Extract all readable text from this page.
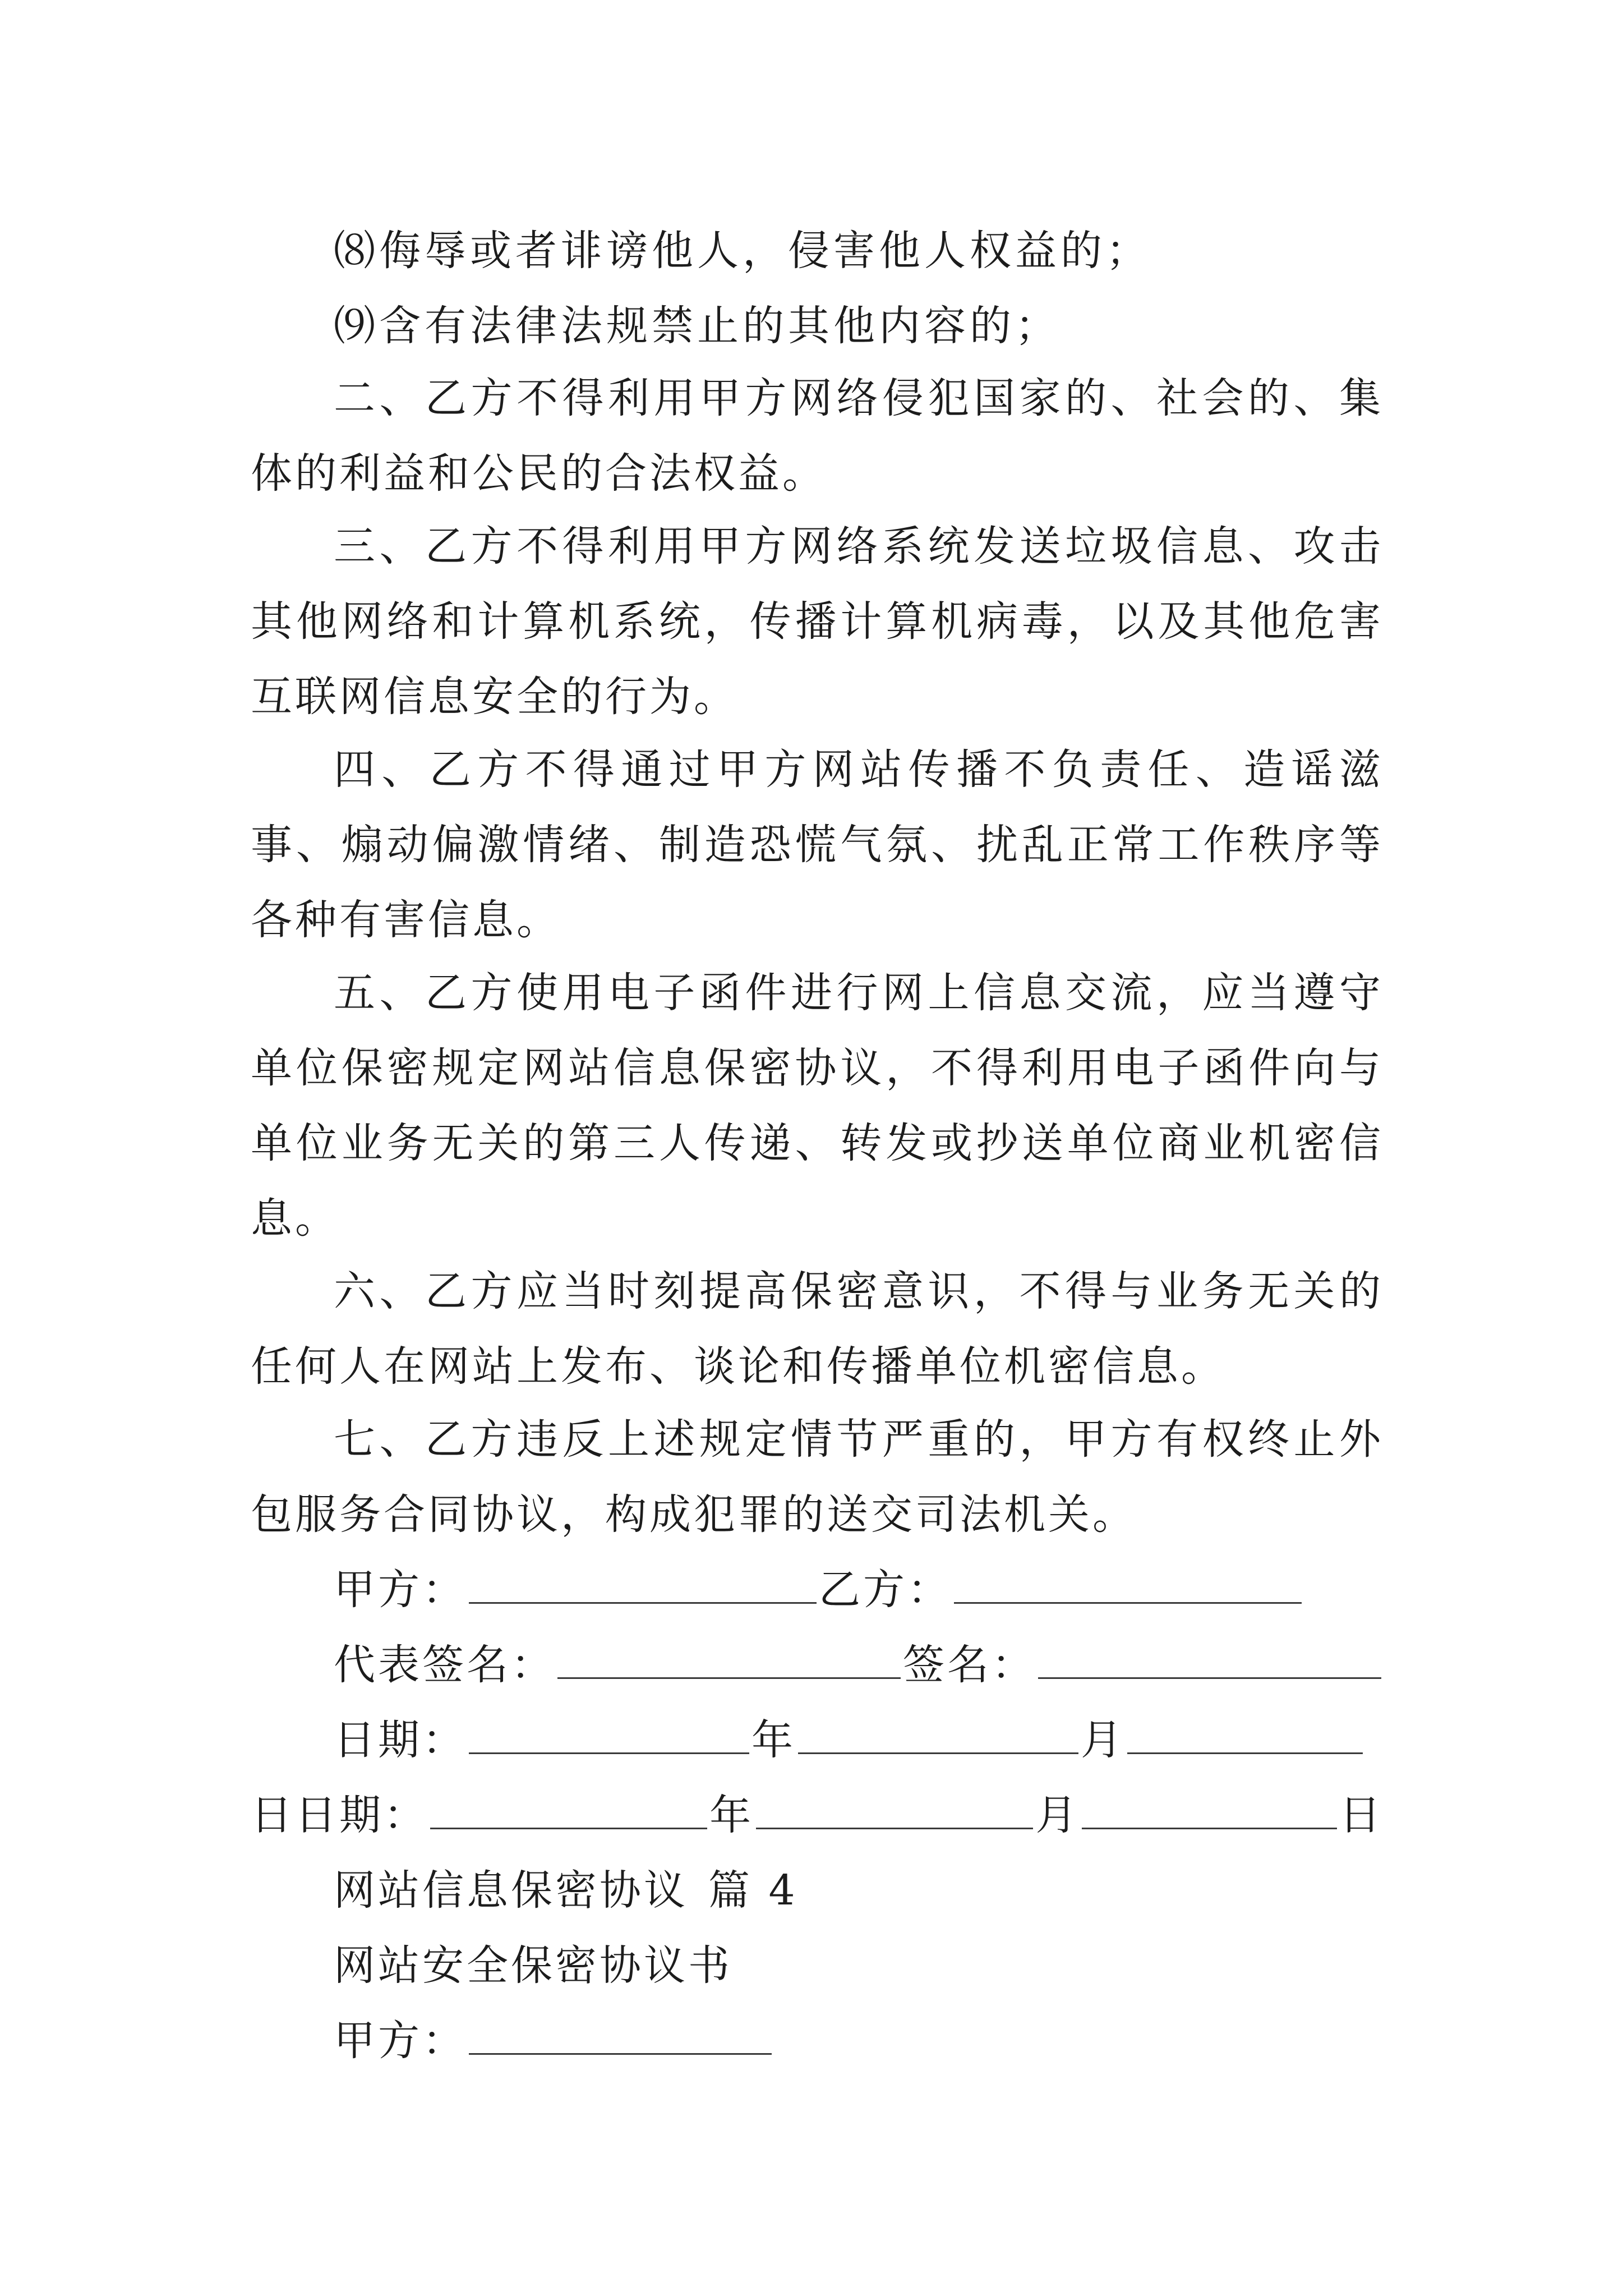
⑻侮辱或者诽谤他人，侵害他人权益的；

⑼含有法律法规禁止的其他内容的；

二、乙方不得利用甲方网络侵犯国家的、社会的、集体的利益和公民的合法权益。

三、乙方不得利用甲方网络系统发送垃圾信息、攻击其他网络和计算机系统，传播计算机病毒，以及其他危害互联网信息安全的行为。

四、乙方不得通过甲方网站传播不负责任、造谣滋事、煽动偏激情绪、制造恐慌气氛、扰乱正常工作秩序等各种有害信息。

五、乙方使用电子函件进行网上信息交流，应当遵守单位保密规定网站信息保密协议，不得利用电子函件向与单位业务无关的第三人传递、转发或抄送单位商业机密信息。

六、乙方应当时刻提高保密意识，不得与业务无关的任何人在网站上发布、谈论和传播单位机密信息。

七、乙方违反上述规定情节严重的，甲方有权终止外包服务合同协议，构成犯罪的送交司法机关。

甲方：	乙方：
代表签名：	签名：
日期：	年	月
日日期：	年	月	日
网站信息保密协议 篇 4
网站安全保密协议书
甲方：
